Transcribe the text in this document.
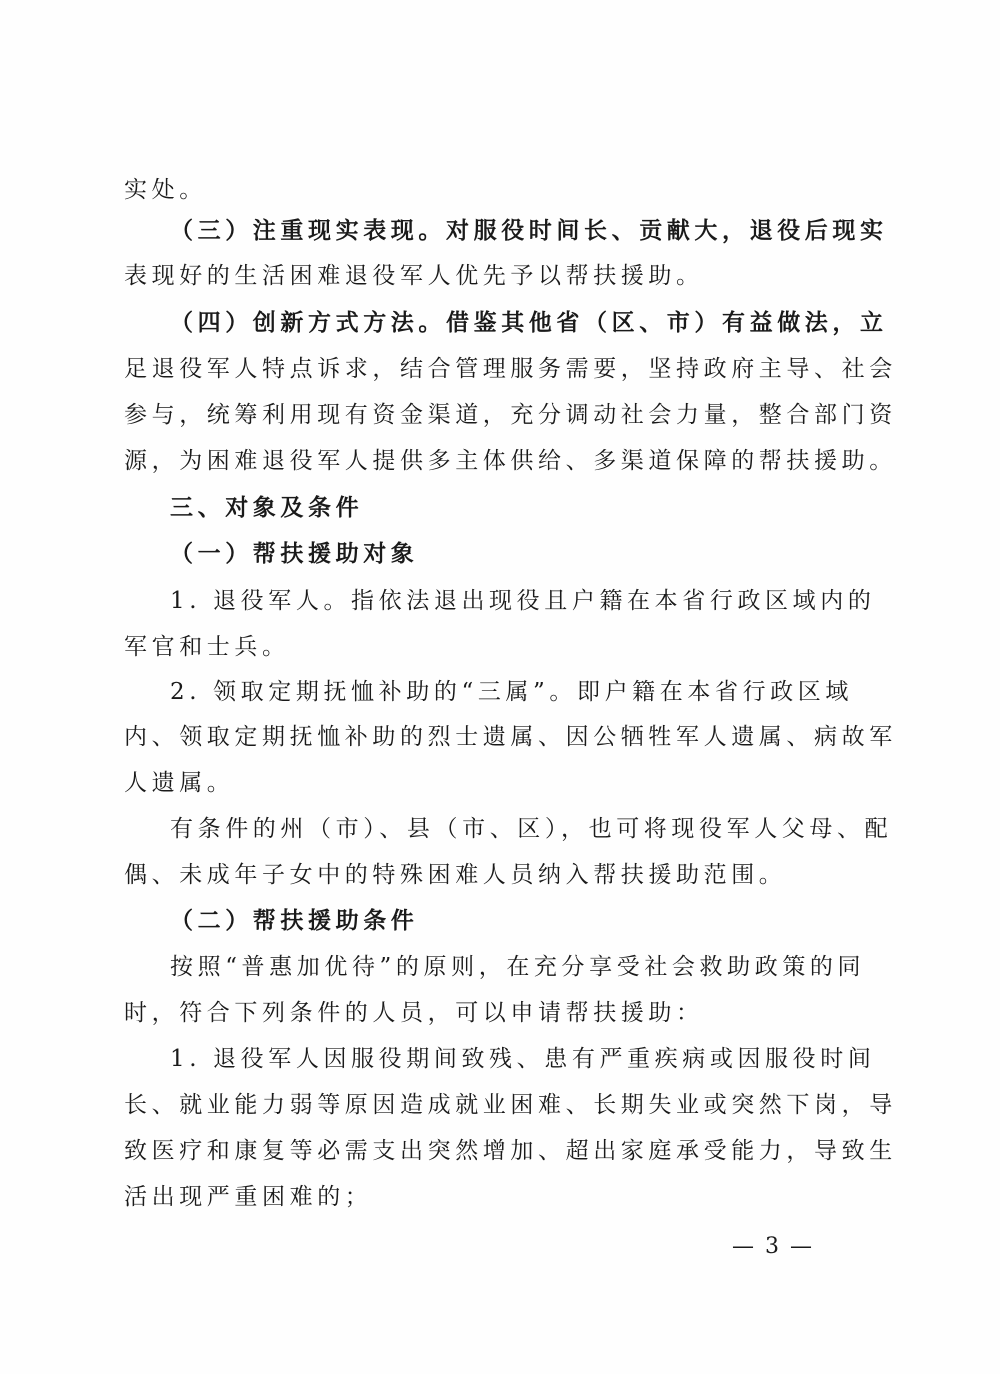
实处。
（三）注重现实表现。对服役时间长、贡献大，退役后现实
表现好的生活困难退役军人优先予以帮扶援助。
（四）创新方式方法。借鉴其他省（区、市）有益做法，立
足退役军人特点诉求，结合管理服务需要，坚持政府主导、社会
参与，统筹利用现有资金渠道，充分调动社会力量，整合部门资
源，为困难退役军人提供多主体供给、多渠道保障的帮扶援助。
三、对象及条件
（一）帮扶援助对象
1. 退役军人。指依法退出现役且户籍在本省行政区域内的
军官和士兵。
2. 领取定期抚恤补助的“三属”。即户籍在本省行政区域
内、领取定期抚恤补助的烈士遗属、因公牺牲军人遗属、病故军
人遗属。
有条件的州（市）、县（市、区），也可将现役军人父母、配
偶、未成年子女中的特殊困难人员纳入帮扶援助范围。
（二）帮扶援助条件
按照“普惠加优待”的原则，在充分享受社会救助政策的同
时，符合下列条件的人员，可以申请帮扶援助：
1. 退役军人因服役期间致残、患有严重疾病或因服役时间
长、就业能力弱等原因造成就业困难、长期失业或突然下岗，导
致医疗和康复等必需支出突然增加、超出家庭承受能力，导致生
活出现严重困难的；
— 3 —
